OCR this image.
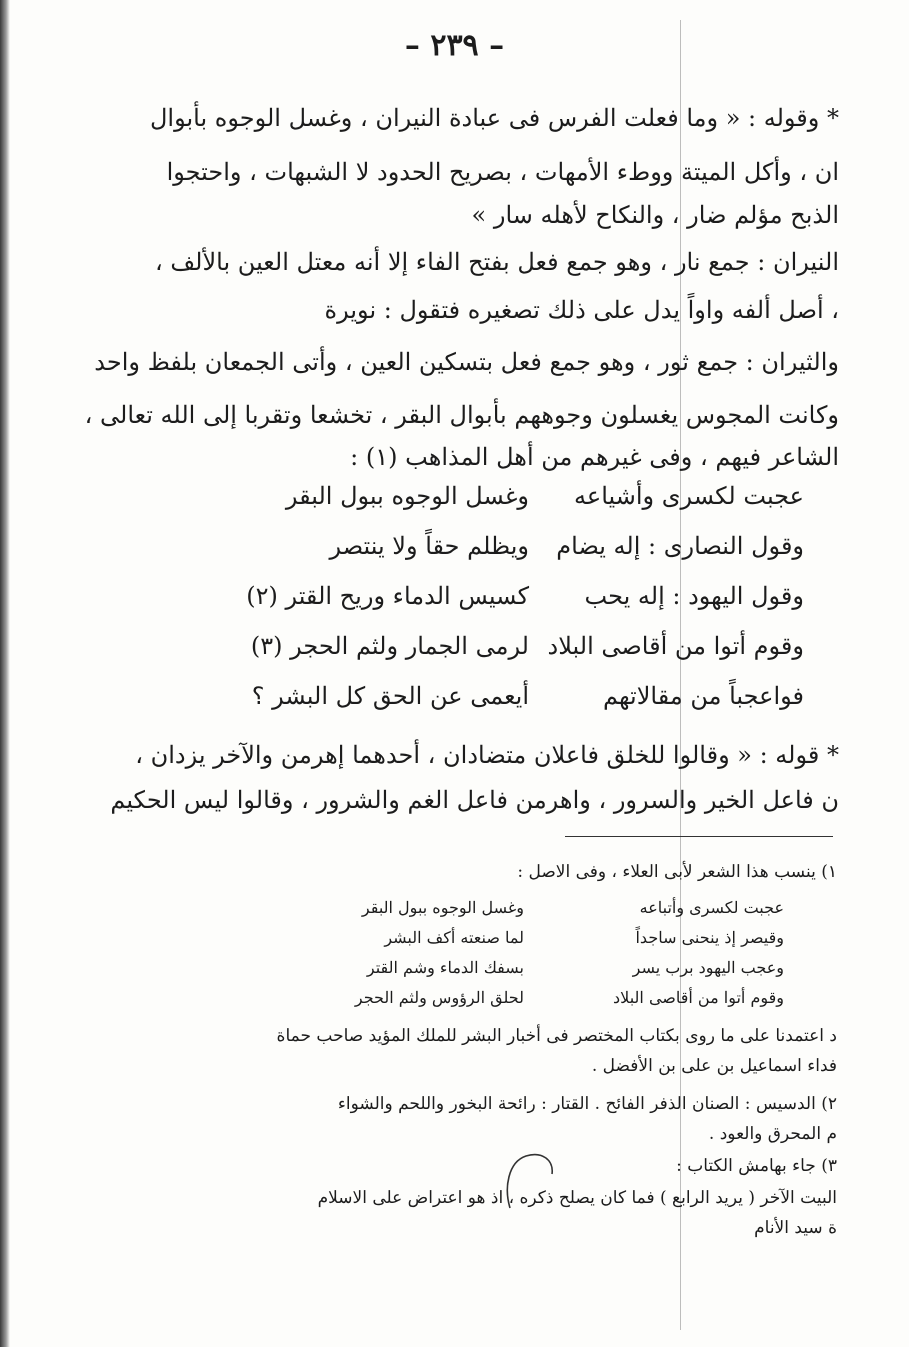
– ٢٣٩ –
* وقوله : « وما فعلت الفرس فى عبادة النيران ، وغسل الوجوه بأبوال
ان ، وأكل الميتة ووطء الأمهات ، بصريح الحدود لا الشبهات ، واحتجوا
الذبح مؤلم ضار ، والنكاح لأهله سار »
النيران : جمع نار ، وهو جمع فعل بفتح الفاء إلا أنه معتل العين بالألف ،
، أصل ألفه واواً يدل على ذلك تصغيره فتقول : نويرة
والثيران : جمع ثور ، وهو جمع فعل بتسكين العين ، وأتى الجمعان بلفظ واحد
وكانت المجوس يغسلون وجوههم بأبوال البقر ، تخشعا وتقربا إلى الله تعالى ،
الشاعر فيهم ، وفى غيرهم من أهل المذاهب (١) :
عجبت لكسرى وأشياعه
وغسل الوجوه ببول البقر
وقول النصارى : إله يضام
ويظلم حقاً ولا ينتصر
وقول اليهود : إله يحب
كسيس الدماء وريح القتر (٢)
وقوم أتوا من أقاصى البلاد
لرمى الجمار ولثم الحجر (٣)
فواعجباً من مقالاتهم
أيعمى عن الحق كل البشر ؟
* قوله : « وقالوا للخلق فاعلان متضادان ، أحدهما إهرمن والآخر يزدان ،
ن فاعل الخير والسرور ، واهرمن فاعل الغم والشرور ، وقالوا ليس الحكيم
١) ينسب هذا الشعر لأبى العلاء ، وفى الاصل :
عجبت لكسرى وأتباعه
وغسل الوجوه ببول البقر
وقيصر إذ ينحنى ساجداً
لما صنعته أكف البشر
وعجب اليهود برب يسر
بسفك الدماء وشم القتر
وقوم أتوا من أقاصى البلاد
لحلق الرؤوس ولثم الحجر
د اعتمدنا على ما روى بكتاب المختصر فى أخبار البشر للملك المؤيد صاحب حماة
فداء اسماعيل بن على بن الأفضل .
٢) الدسيس : الصنان الذفر الفائح . القتار : رائحة البخور واللحم والشواء
م المحرق والعود .
٣) جاء بهامش الكتاب :
البيت الآخر ( يريد الرابع ) فما كان يصلح ذكره ، اذ هو اعتراض على الاسلام
ة سيد الأنام
